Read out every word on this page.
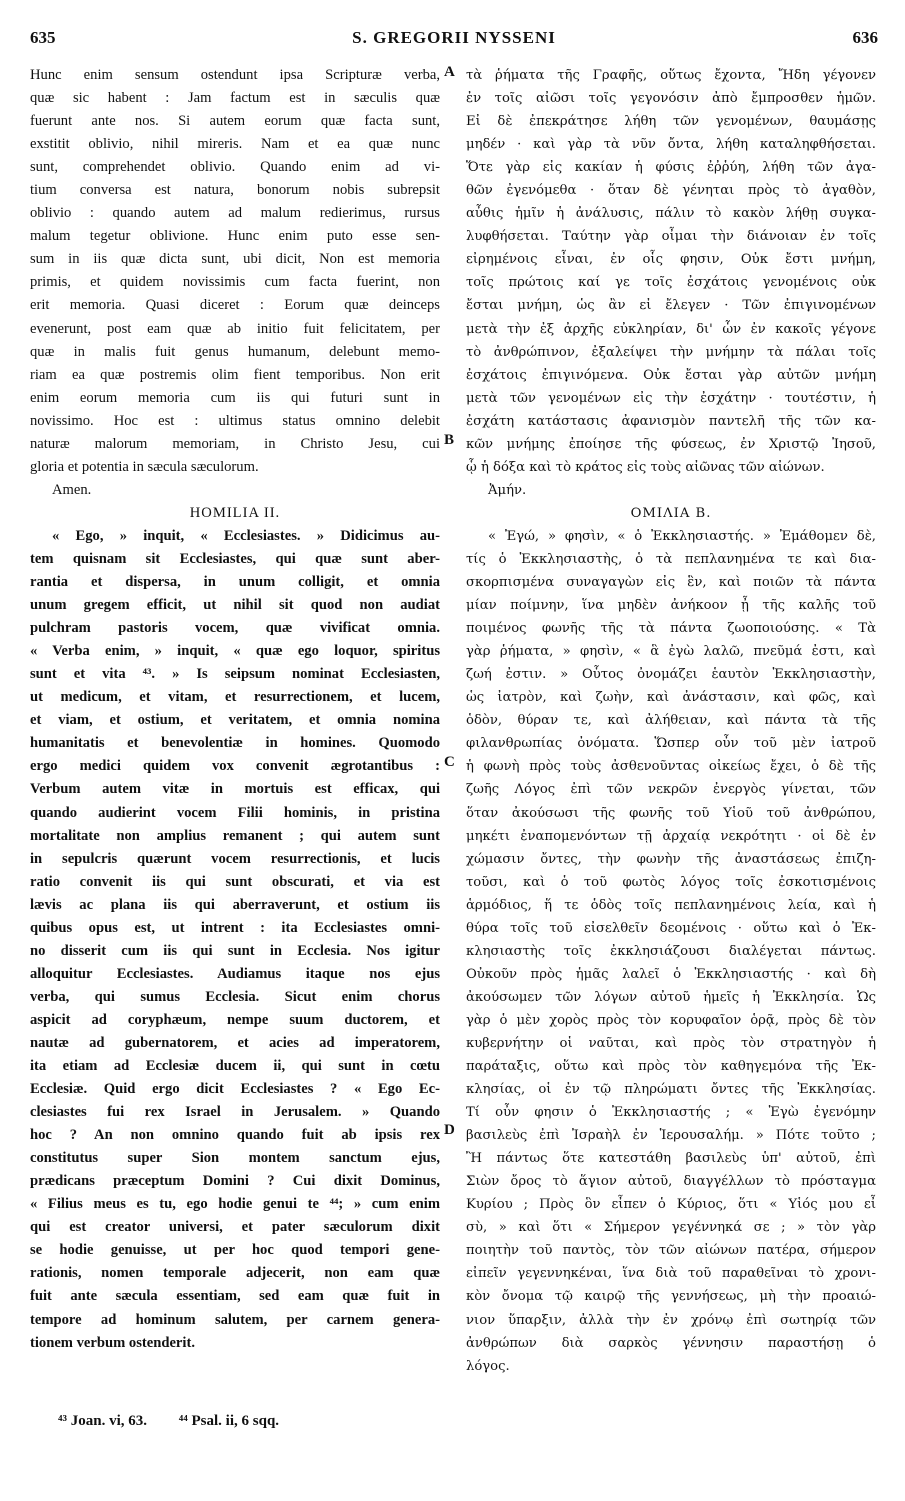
635	S. GREGORII NYSSENI	636
A
B
C
D
Hunc enim sensum ostendunt ipsa Scripturæ verba,
quæ sic habent : Jam factum est in sæculis quæ
fuerunt ante nos. Si autem eorum quæ facta sunt,
exstitit oblivio, nihil mireris. Nam et ea quæ nunc
sunt, comprehendet oblivio. Quando enim ad vi-
tium conversa est natura, bonorum nobis subrepsit
oblivio : quando autem ad malum redierimus, rursus
malum tegetur oblivione. Hunc enim puto esse sen-
sum in iis quæ dicta sunt, ubi dicit, Non est memoria
primis, et quidem novissimis cum facta fuerint, non
erit memoria. Quasi diceret : Eorum quæ deinceps
evenerunt, post eam quæ ab initio fuit felicitatem, per
quæ in malis fuit genus humanum, delebunt memo-
riam ea quæ postremis olim fient temporibus. Non erit
enim eorum memoria cum iis qui futuri sunt in
novissimo. Hoc est : ultimus status omnino delebit
naturæ malorum memoriam, in Christo Jesu, cui
gloria et potentia in sæcula sæculorum.
Amen.
HOMILIA II.
« Ego, » inquit, « Ecclesiastes. » Didicimus au-
tem quisnam sit Ecclesiastes, qui quæ sunt aber-
rantia et dispersa, in unum colligit, et omnia
unum gregem efficit, ut nihil sit quod non audiat
pulchram pastoris vocem, quæ vivificat omnia.
« Verba enim, » inquit, « quæ ego loquor, spiritus
sunt et vita ⁴³. » Is seipsum nominat Ecclesiasten,
ut medicum, et vitam, et resurrectionem, et lucem,
et viam, et ostium, et veritatem, et omnia nomina
humanitatis et benevolentiæ in homines. Quomodo
ergo medici quidem vox convenit ægrotantibus :
Verbum autem vitæ in mortuis est efficax, qui
quando audierint vocem Filii hominis, in pristina
mortalitate non amplius remanent ; qui autem sunt
in sepulcris quærunt vocem resurrectionis, et lucis
ratio convenit iis qui sunt obscurati, et via est
lævis ac plana iis qui aberraverunt, et ostium iis
quibus opus est, ut intrent : ita Ecclesiastes omni-
no disserit cum iis qui sunt in Ecclesia. Nos igitur
alloquitur Ecclesiastes. Audiamus itaque nos ejus
verba, qui sumus Ecclesia. Sicut enim chorus
aspicit ad coryphæum, nempe suum ductorem, et
nautæ ad gubernatorem, et acies ad imperatorem,
ita etiam ad Ecclesiæ ducem ii, qui sunt in cœtu
Ecclesiæ. Quid ergo dicit Ecclesiastes ? « Ego Ec-
clesiastes fui rex Israel in Jerusalem. » Quando
hoc ? An non omnino quando fuit ab ipsis rex
constitutus super Sion montem sanctum ejus,
prædicans præceptum Domini ? Cui dixit Dominus,
« Filius meus es tu, ego hodie genui te ⁴⁴; » cum enim
qui est creator universi, et pater sæculorum dixit
se hodie genuisse, ut per hoc quod tempori gene-
rationis, nomen temporale adjecerit, non eam quæ
fuit ante sæcula essentiam, sed eam quæ fuit in
tempore ad hominum salutem, per carnem genera-
tionem verbum ostenderit.
τὰ ῥήματα τῆς Γραφῆς, οὕτως ἔχοντα, Ἤδη γέγονεν
ἐν τοῖς αἰῶσι τοῖς γεγονόσιν ἀπὸ ἔμπροσθεν ἡμῶν.
Εἰ δὲ ἐπεκράτησε λήθη τῶν γενομένων, θαυμάσῃς
μηδέν · καὶ γὰρ τὰ νῦν ὄντα, λήθη καταληφθήσεται.
Ὅτε γὰρ εἰς κακίαν ἡ φύσις ἐῤῥύη, λήθη τῶν ἀγα-
θῶν ἐγενόμεθα · ὅταν δὲ γένηται πρὸς τὸ ἀγαθὸν,
αὖθις ἡμῖν ἡ ἀνάλυσις, πάλιν τὸ κακὸν λήθῃ συγκα-
λυφθήσεται. Ταύτην γὰρ οἶμαι τὴν διάνοιαν ἐν τοῖς
εἰρημένοις εἶναι, ἐν οἷς φησιν, Οὐκ ἔστι μνήμη,
τοῖς πρώτοις καί γε τοῖς ἐσχάτοις γενομένοις οὐκ
ἔσται μνήμη, ὡς ἂν εἰ ἔλεγεν · Τῶν ἐπιγινομένων
μετὰ τὴν ἐξ ἀρχῆς εὐκληρίαν, δι' ὧν ἐν κακοῖς γέγονε
τὸ ἀνθρώπινον, ἐξαλείψει τὴν μνήμην τὰ πάλαι τοῖς
ἐσχάτοις ἐπιγινόμενα. Οὐκ ἔσται γὰρ αὐτῶν μνήμη
μετὰ τῶν γενομένων εἰς τὴν ἐσχάτην · τουτέστιν, ἡ
ἐσχάτη κατάστασις ἀφανισμὸν παντελῆ τῆς τῶν κα-
κῶν μνήμης ἐποίησε τῆς φύσεως, ἐν Χριστῷ Ἰησοῦ,
ᾧ ἡ δόξα καὶ τὸ κράτος εἰς τοὺς αἰῶνας τῶν αἰώνων.
Ἀμήν.
ΟΜΙΛΙΑ Β.
« Ἐγώ, » φησὶν, « ὁ Ἐκκλησιαστής. » Ἐμάθομεν δὲ,
τίς ὁ Ἐκκλησιαστὴς, ὁ τὰ πεπλανημένα τε καὶ δια-
σκορπισμένα συναγαγὼν εἰς ἓν, καὶ ποιῶν τὰ πάντα
μίαν ποίμνην, ἵνα μηδὲν ἀνήκοον ᾖ τῆς καλῆς τοῦ
ποιμένος φωνῆς τῆς τὰ πάντα ζωοποιούσης. « Τὰ
γὰρ ῥήματα, » φησὶν, « ἃ ἐγὼ λαλῶ, πνεῦμά ἐστι, καὶ
ζωή ἐστιν. » Οὗτος ὀνομάζει ἑαυτὸν Ἐκκλησιαστὴν,
ὡς ἰατρὸν, καὶ ζωὴν, καὶ ἀνάστασιν, καὶ φῶς, καὶ
ὁδὸν, θύραν τε, καὶ ἀλήθειαν, καὶ πάντα τὰ τῆς
φιλανθρωπίας ὀνόματα. Ὥσπερ οὖν τοῦ μὲν ἰατροῦ
ἡ φωνὴ πρὸς τοὺς ἀσθενοῦντας οἰκείως ἔχει, ὁ δὲ τῆς
ζωῆς Λόγος ἐπὶ τῶν νεκρῶν ἐνεργὸς γίνεται, τῶν
ὅταν ἀκούσωσι τῆς φωνῆς τοῦ Υἱοῦ τοῦ ἀνθρώπου,
μηκέτι ἐναπομενόντων τῇ ἀρχαίᾳ νεκρότητι · οἱ δὲ ἐν
χώμασιν ὄντες, τὴν φωνὴν τῆς ἀναστάσεως ἐπιζη-
τοῦσι, καὶ ὁ τοῦ φωτὸς λόγος τοῖς ἐσκοτισμένοις
ἁρμόδιος, ἥ τε ὁδὸς τοῖς πεπλανημένοις λεία, καὶ ἡ
θύρα τοῖς τοῦ εἰσελθεῖν δεομένοις · οὕτω καὶ ὁ Ἐκ-
κλησιαστὴς τοῖς ἐκκλησιάζουσι διαλέγεται πάντως.
Οὐκοῦν πρὸς ἡμᾶς λαλεῖ ὁ Ἐκκλησιαστής · καὶ δὴ
ἀκούσωμεν τῶν λόγων αὐτοῦ ἡμεῖς ἡ Ἐκκλησία. Ὡς
γὰρ ὁ μὲν χορὸς πρὸς τὸν κορυφαῖον ὁρᾷ, πρὸς δὲ τὸν
κυβερνήτην οἱ ναῦται, καὶ πρὸς τὸν στρατηγὸν ἡ
παράταξις, οὕτω καὶ πρὸς τὸν καθηγεμόνα τῆς Ἐκ-
κλησίας, οἱ ἐν τῷ πληρώματι ὄντες τῆς Ἐκκλησίας.
Τί οὖν φησιν ὁ Ἐκκλησιαστής ; « Ἐγὼ ἐγενόμην
βασιλεὺς ἐπὶ Ἰσραὴλ ἐν Ἱερουσαλήμ. » Πότε τοῦτο ;
Ἢ πάντως ὅτε κατεστάθη βασιλεὺς ὑπ' αὐτοῦ, ἐπὶ
Σιὼν ὄρος τὸ ἅγιον αὐτοῦ, διαγγέλλων τὸ πρόσταγμα
Κυρίου ; Πρὸς ὃν εἶπεν ὁ Κύριος, ὅτι « Υἱός μου εἶ
σὺ, » καὶ ὅτι « Σήμερον γεγέννηκά σε ; » τὸν γὰρ
ποιητὴν τοῦ παντὸς, τὸν τῶν αἰώνων πατέρα, σήμερον
εἰπεῖν γεγεννηκέναι, ἵνα διὰ τοῦ παραθεῖναι τὸ χρονι-
κὸν ὄνομα τῷ καιρῷ τῆς γεννήσεως, μὴ τὴν προαιώ-
νιον ὕπαρξιν, ἀλλὰ τὴν ἐν χρόνῳ ἐπὶ σωτηρίᾳ τῶν
ἀνθρώπων διὰ σαρκὸς γέννησιν παραστήσῃ ὁ
λόγος.
⁴³ Joan. vi, 63. ⁴⁴ Psal. ii, 6 sqq.
